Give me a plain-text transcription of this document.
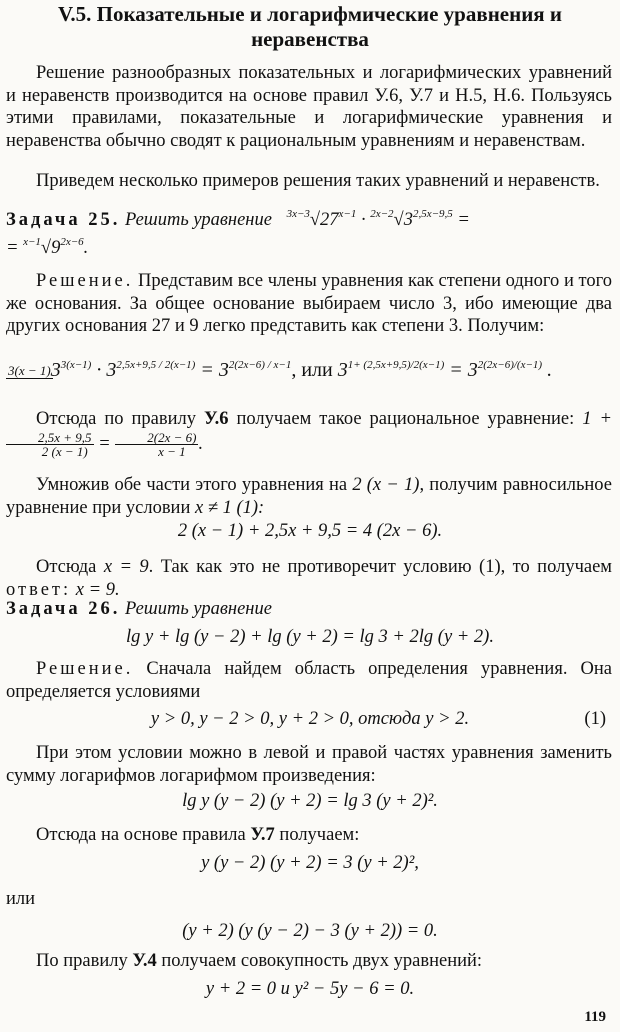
V.5. Показательные и логарифмические уравнения и неравенства
Решение разнообразных показательных и логарифмических уравнений и неравенств производится на основе правил У.6, У.7 и Н.5, Н.6. Пользуясь этими правилами, показательные и логарифмические уравнения и неравенства обычно сводят к рациональным уравнениям и неравенствам.
Приведем несколько примеров решения таких уравнений и неравенств.
Задача 25. Решить уравнение $^{3x-3}√27^{x-1} \cdot ^{2x-2}√3^{2,5x-9,5}$ =
= $^{x-1}√9^{2x-6}$.
Решение. Представим все члены уравнения как степени одного и того же основания. За общее основание выбираем число 3, ибо имеющие два других основания 27 и 9 легко представить как степени 3. Получим:
3(x − 1) $3^{3(x-1)} \cdot 3^{2,5x+9,5 / 2(x-1)} = 3^{2(2x-6) / x-1}$, или $3^{1+ (2,5x+9,5)/2(x-1)} = 3^{2(2x-6)/(x-1)}$ .
Отсюда по правилу У.6 получаем такое рациональное уравнение: 1 +
$\frac{2,5x + 9,5}{2 (x - 1)} = \frac{2(2x - 6)}{x - 1}$ .
Умножив обе части этого уравнения на 2 (x − 1), получим равносильное уравнение при условии x ≠ 1 (1):
2 (x − 1) + 2,5x + 9,5 = 4 (2x − 6).
Отсюда x = 9. Так как это не противоречит условию (1), то получаем ответ: x = 9.
Задача 26. Решить уравнение
lg y + lg (y − 2) + lg (y + 2) = lg 3 + 2lg (y + 2).
Решение. Сначала найдем область определения уравнения. Она определяется условиями
y > 0, y − 2 > 0, y + 2 > 0, отсюда y > 2.	(1)
При этом условии можно в левой и правой частях уравнения заменить сумму логарифмов логарифмом произведения:
lg y (y − 2) (y + 2) = lg 3 (y + 2)².
Отсюда на основе правила У.7 получаем:
y (y − 2) (y + 2) = 3 (y + 2)²,
или
(y + 2) (y (y − 2) − 3 (y + 2)) = 0.
По правилу У.4 получаем совокупность двух уравнений:
y + 2 = 0 и y² − 5y − 6 = 0.
119
